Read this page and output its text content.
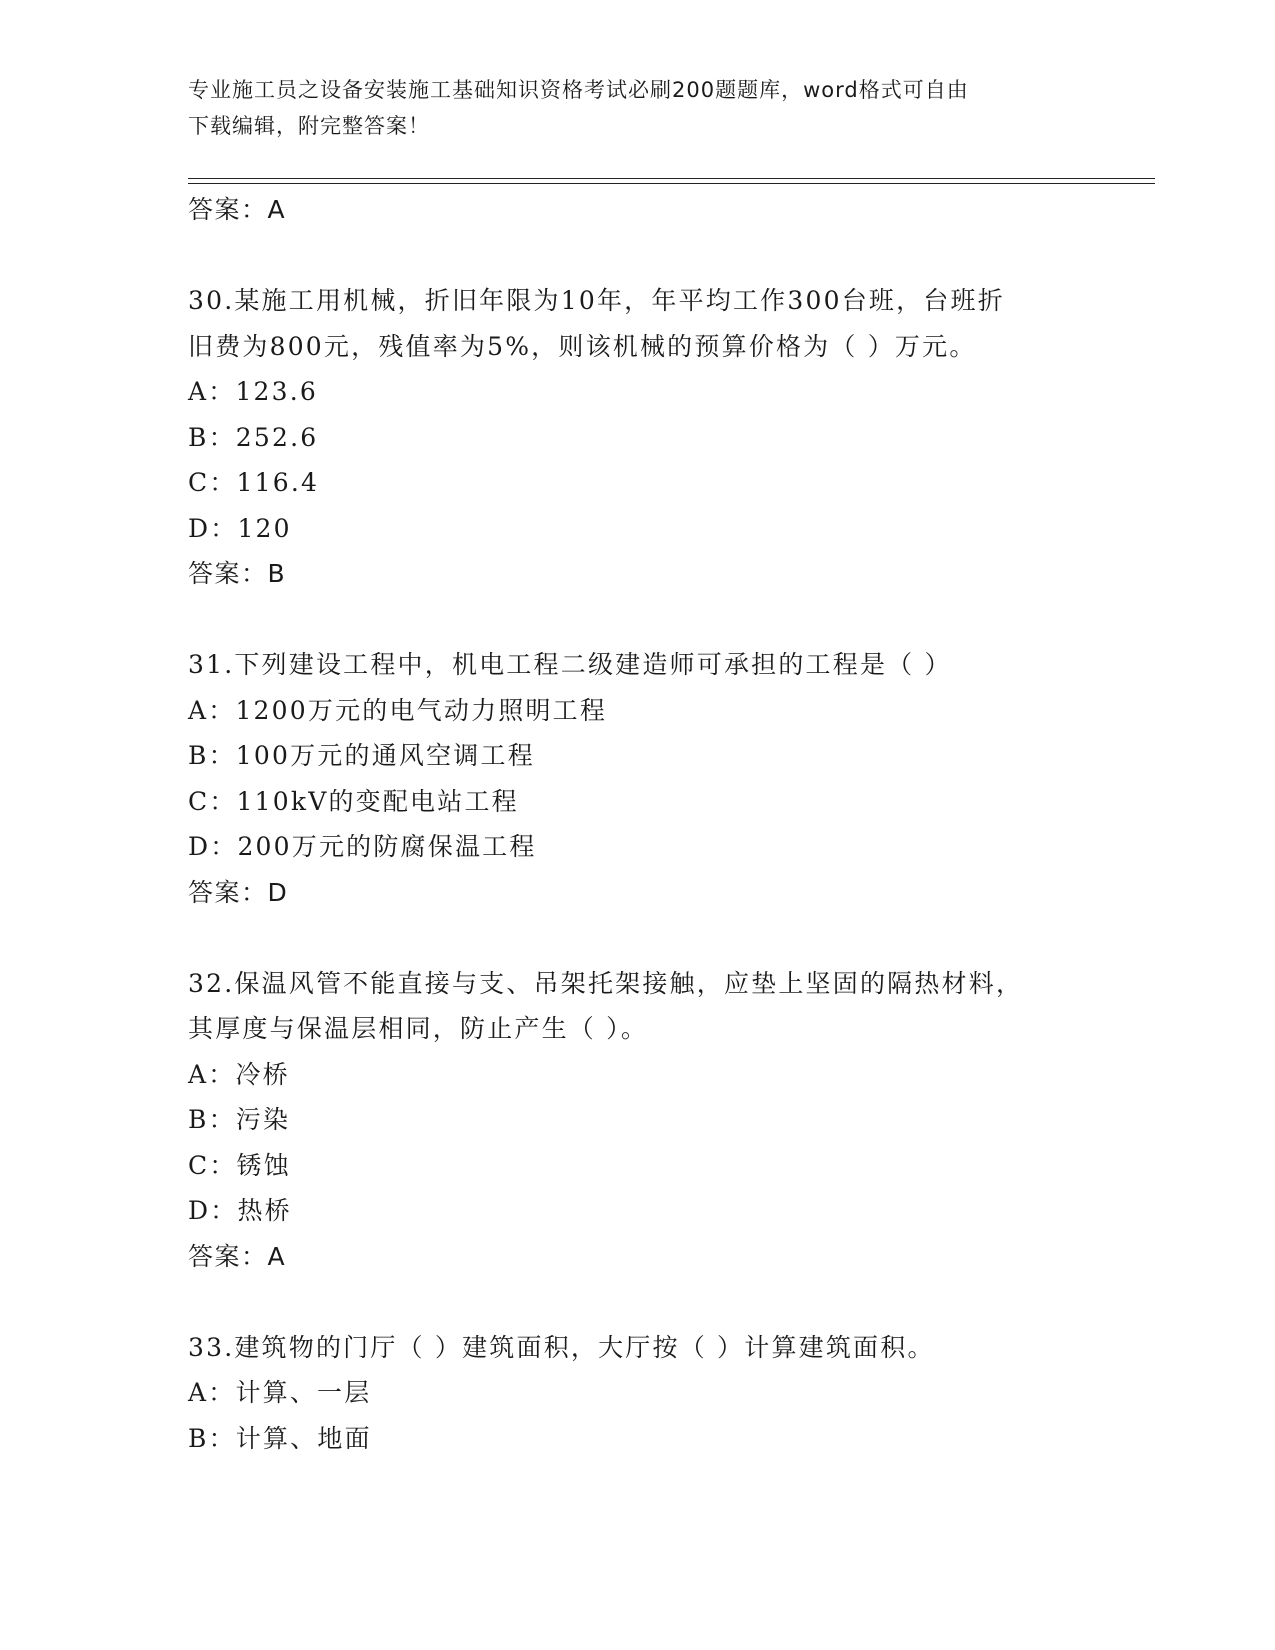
专业施工员之设备安装施工基础知识资格考试必刷200题题库，word格式可自由
下载编辑，附完整答案！
答案：A
30.某施工用机械，折旧年限为10年，年平均工作300台班，台班折
旧费为800元，残值率为5%，则该机械的预算价格为（ ）万元。
A：123.6
B：252.6
C：116.4
D：120
答案：B
31.下列建设工程中，机电工程二级建造师可承担的工程是（ ）
A：1200万元的电气动力照明工程
B：100万元的通风空调工程
C：110kV的变配电站工程
D：200万元的防腐保温工程
答案：D
32.保温风管不能直接与支、吊架托架接触，应垫上坚固的隔热材料，
其厚度与保温层相同，防止产生（ ）。
A：冷桥
B：污染
C：锈蚀
D：热桥
答案：A
33.建筑物的门厅（ ）建筑面积，大厅按（ ）计算建筑面积。
A：计算、一层
B：计算、地面
